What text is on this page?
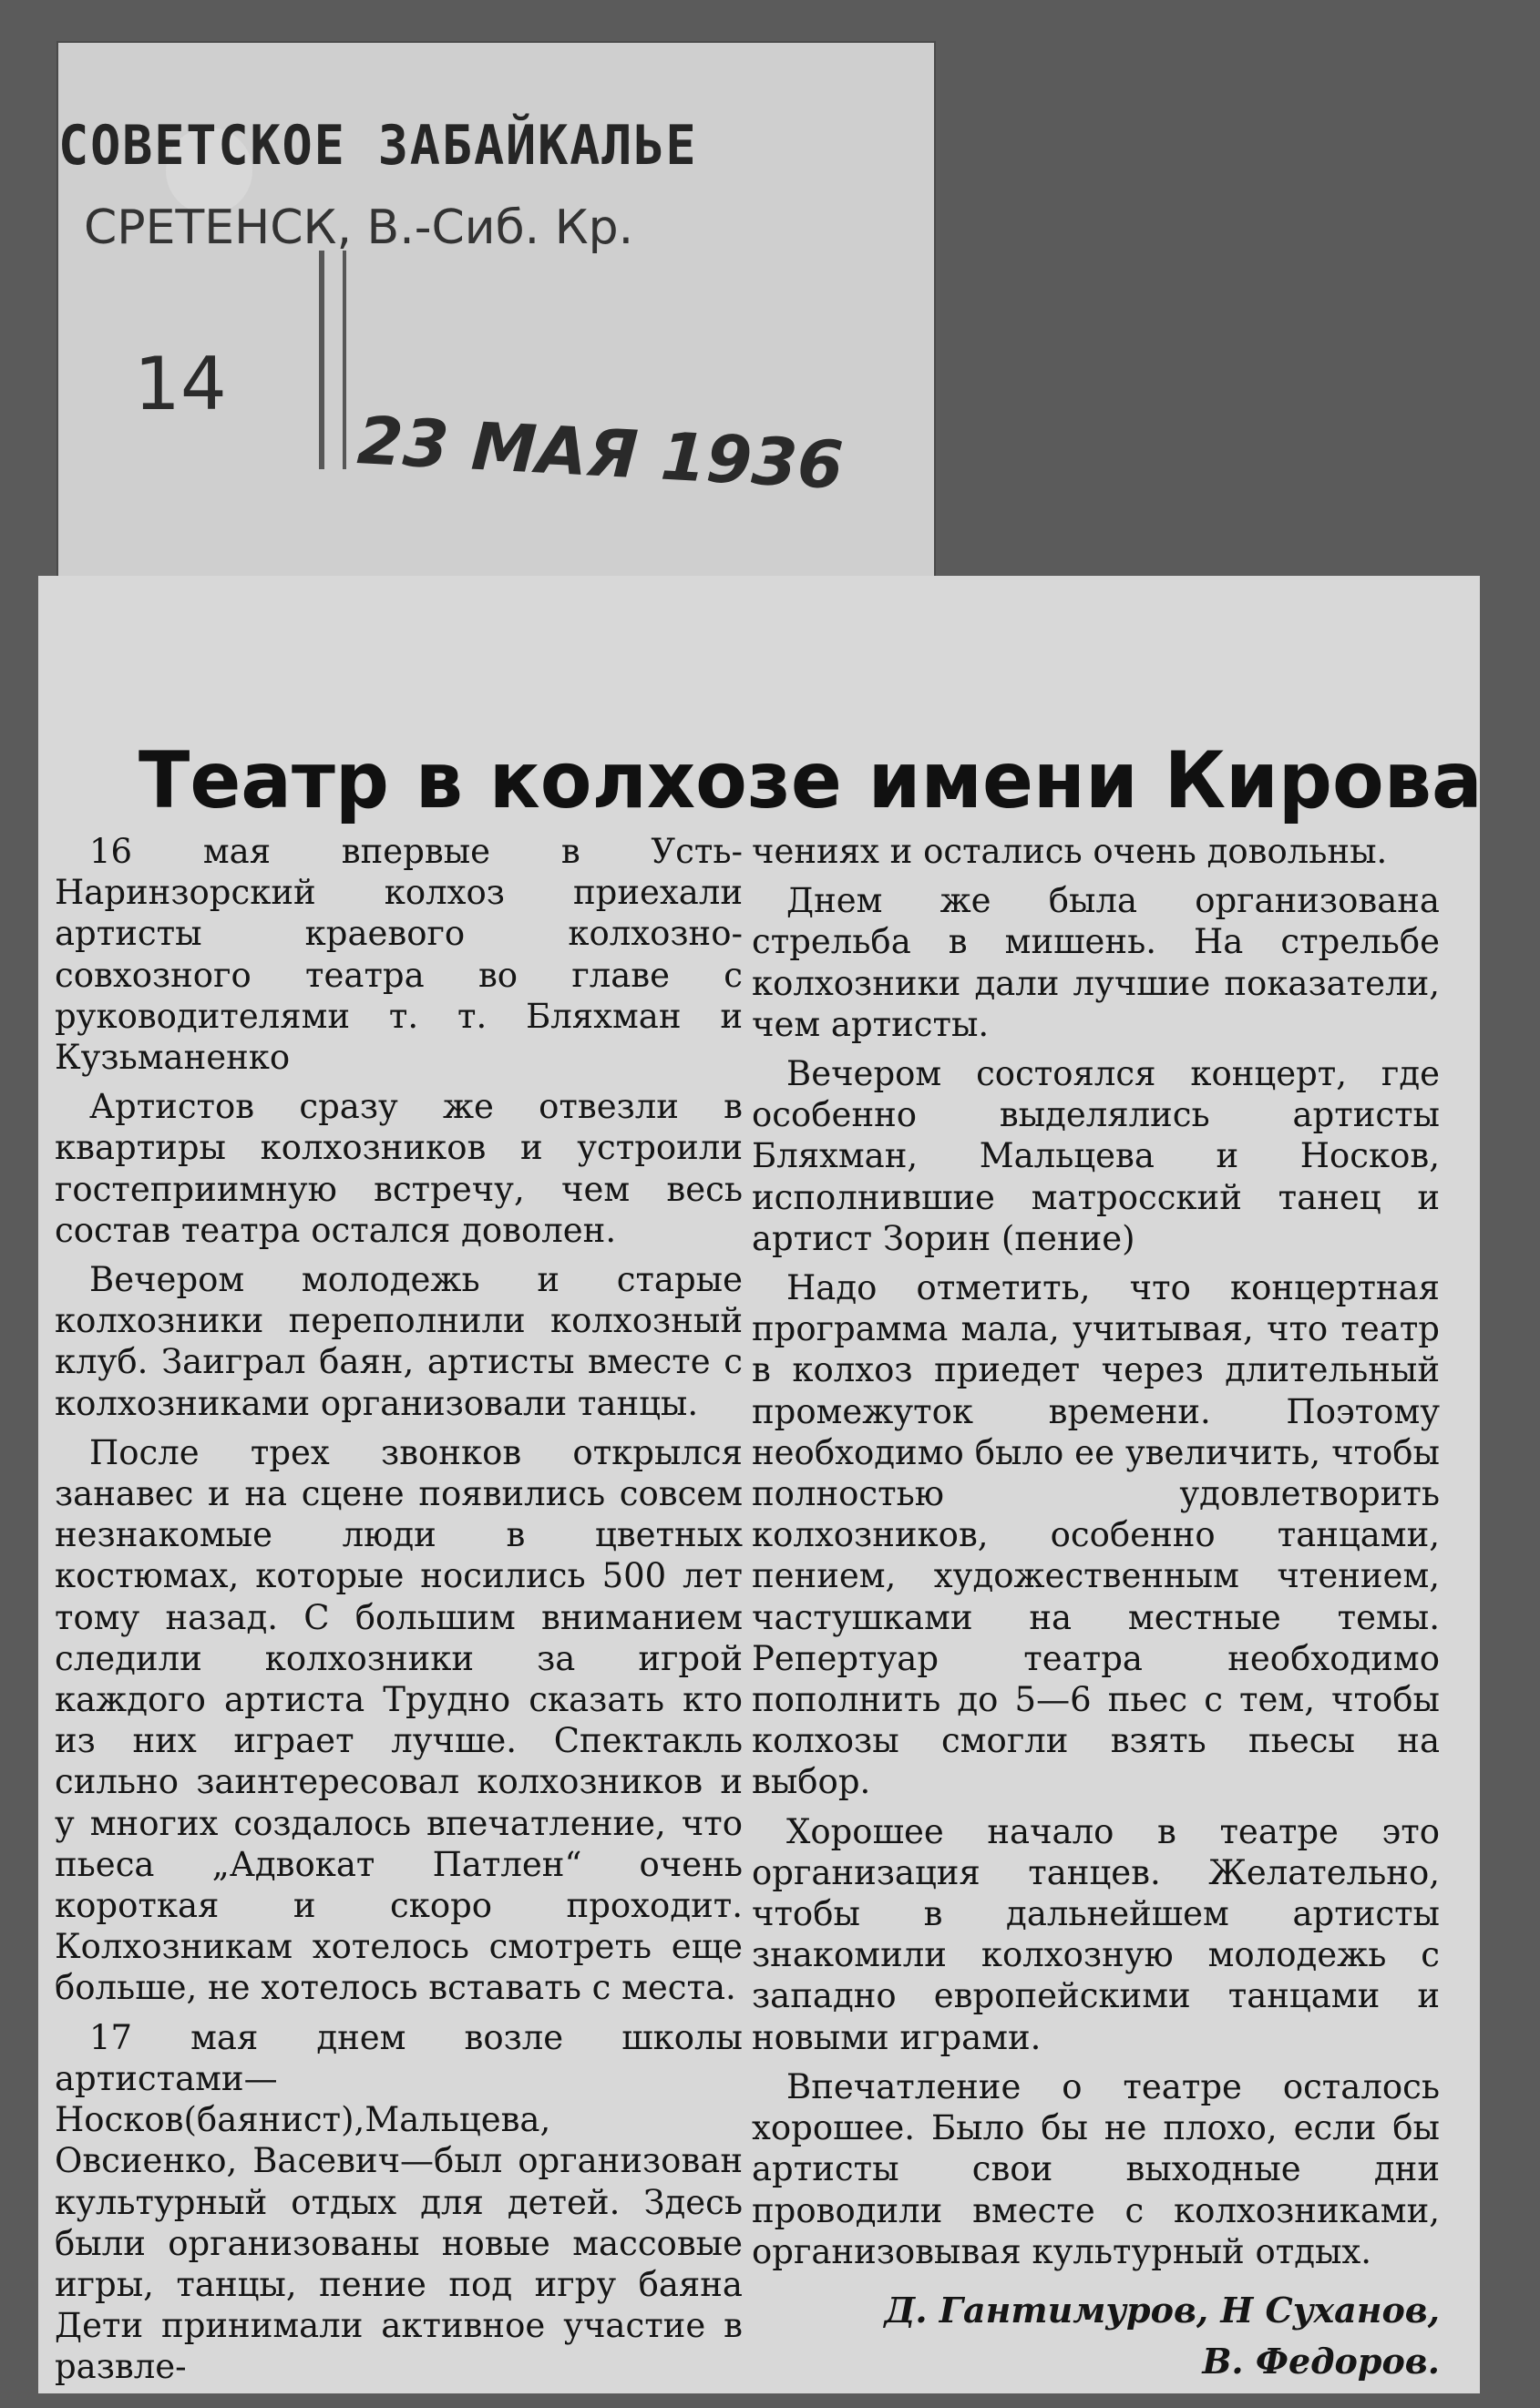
СОВЕТСКОЕ ЗАБАЙКАЛЬЕ
СРЕТЕНСК, В.-Сиб. Кр.
14
23 МАЯ 1936
Театр в колхозе имени Кирова

16 мая впервые в Усть-Наринзорский колхоз приехали артисты краевого колхозно-совхозного театра во главе с руководителями т. т. Бляхман и Кузьманенко

Артистов сразу же отвезли в квартиры колхозников и устроили гостеприимную встречу, чем весь состав театра остался доволен.

Вечером молодежь и старые колхозники переполнили колхозный клуб. Заиграл баян, артисты вместе с колхозниками организовали танцы.

После трех звонков открылся занавес и на сцене появились совсем незнакомые люди в цветных костюмах, которые носились 500 лет тому назад. С большим вниманием следили колхозники за игрой каждого артиста Трудно сказать кто из них играет лучше. Спектакль сильно заинтересовал колхозников и у многих создалось впечатление, что пьеса „Адвокат Патлен“ очень короткая и скоро проходит. Колхозникам хотелось смотреть еще больше, не хотелось вставать с места.

17 мая днем возле школы артистами—Носков(баянист),Мальцева, Овсиенко, Васевич—был организован культурный отдых для детей. Здесь были организованы новые массовые игры, танцы, пение под игру баяна Дети принимали активное участие в развле-

чениях и остались очень довольны.

Днем же была организована стрельба в мишень. На стрельбе колхозники дали лучшие показатели, чем артисты.

Вечером состоялся концерт, где особенно выделялись артисты Бляхман, Мальцева и Носков, исполнившие матросский танец и артист Зорин (пение)

Надо отметить, что концертная программа мала, учитывая, что театр в колхоз приедет через длительный промежуток времени. Поэтому необходимо было ее увеличить, чтобы полностью удовлетворить колхозников, особенно танцами, пением, художественным чтением, частушками на местные темы. Репертуар театра необходимо пополнить до 5—6 пьес с тем, чтобы колхозы смогли взять пьесы на выбор.

Хорошее начало в театре это организация танцев. Желательно, чтобы в дальнейшем артисты знакомили колхозную молодежь с западно европейскими танцами и новыми играми.

Впечатление о театре осталось хорошее. Было бы не плохо, если бы артисты свои выходные дни проводили вместе с колхозниками, организовывая культурный отдых.

Д. Гантимуров, Н Суханов,
В. Федоров.
